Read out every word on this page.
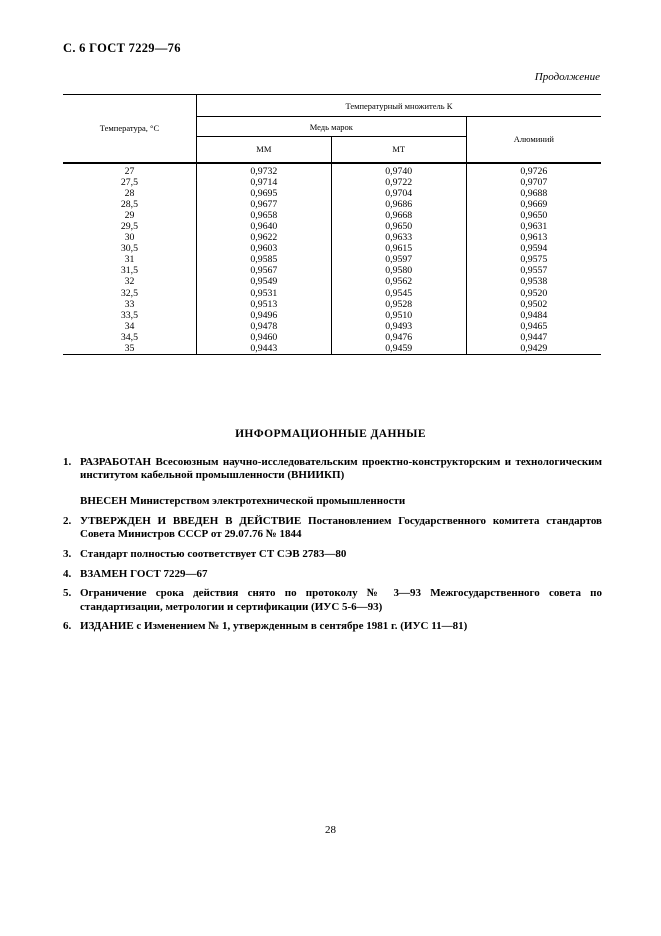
С. 6 ГОСТ 7229—76
Продолжение
Температура, °С	Температурный множитель К		
	Медь марок		Алюминий
	ММ	МТ	
27	0,9732	0,9740	0,9726
27,5	0,9714	0,9722	0,9707
28	0,9695	0,9704	0,9688
28,5	0,9677	0,9686	0,9669
29	0,9658	0,9668	0,9650
29,5	0,9640	0,9650	0,9631
30	0,9622	0,9633	0,9613
30,5	0,9603	0,9615	0,9594
31	0,9585	0,9597	0,9575
31,5	0,9567	0,9580	0,9557
32	0,9549	0,9562	0,9538
32,5	0,9531	0,9545	0,9520
33	0,9513	0,9528	0,9502
33,5	0,9496	0,9510	0,9484
34	0,9478	0,9493	0,9465
34,5	0,9460	0,9476	0,9447
35	0,9443	0,9459	0,9429
ИНФОРМАЦИОННЫЕ ДАННЫЕ
1. РАЗРАБОТАН Всесоюзным научно-исследовательским проектно-конструкторским и технологическим институтом кабельной промышленности (ВНИИКП)
ВНЕСЕН Министерством электротехнической промышленности
2. УТВЕРЖДЕН И ВВЕДЕН В ДЕЙСТВИЕ Постановлением Государственного комитета стандартов Совета Министров СССР от 29.07.76 № 1844
3. Стандарт полностью соответствует СТ СЭВ 2783—80
4. ВЗАМЕН ГОСТ 7229—67
5. Ограничение срока действия снято по протоколу № 3—93 Межгосударственного совета по стандартизации, метрологии и сертификации (ИУС 5-6—93)
6. ИЗДАНИЕ с Изменением № 1, утвержденным в сентябре 1981 г. (ИУС 11—81)
28
